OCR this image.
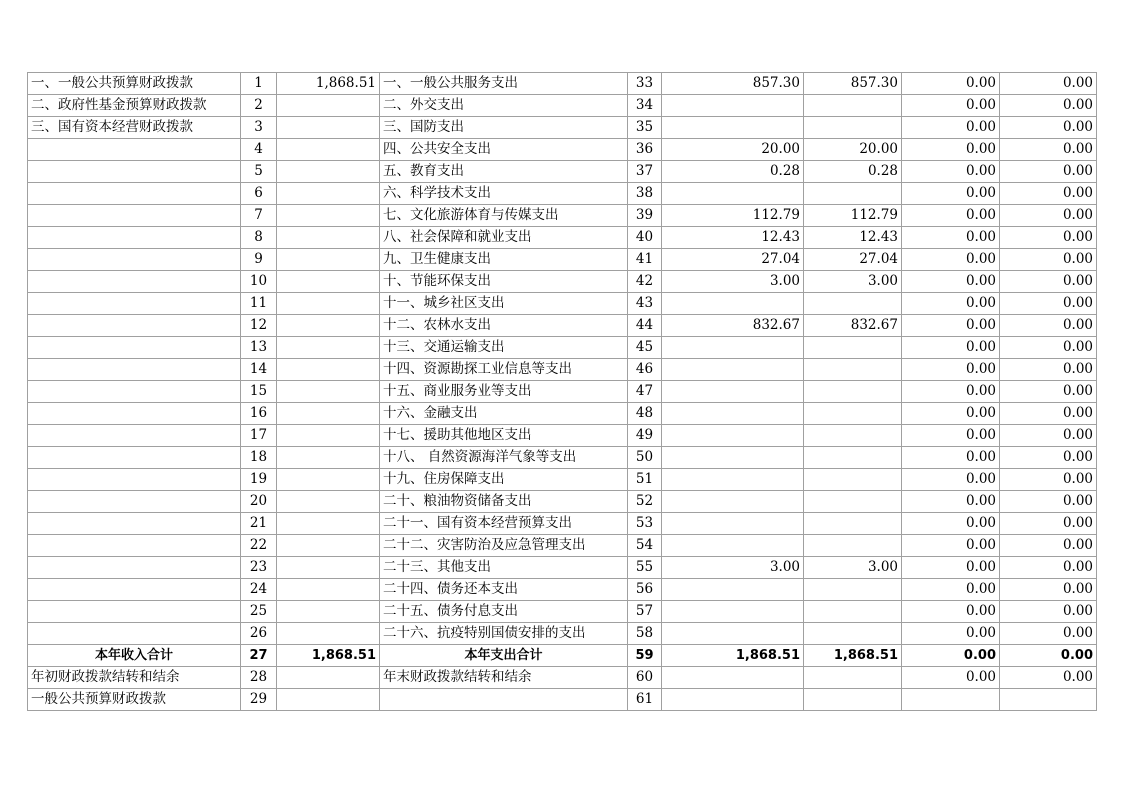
一、一般公共预算财政拨款	1	1,868.51	一、一般公共服务支出	33	857.30	857.30	0.00	0.00
二、政府性基金预算财政拨款	2		二、外交支出	34			0.00	0.00
三、国有资本经营财政拨款	3		三、国防支出	35			0.00	0.00
	4		四、公共安全支出	36	20.00	20.00	0.00	0.00
	5		五、教育支出	37	0.28	0.28	0.00	0.00
	6		六、科学技术支出	38			0.00	0.00
	7		七、文化旅游体育与传媒支出	39	112.79	112.79	0.00	0.00
	8		八、社会保障和就业支出	40	12.43	12.43	0.00	0.00
	9		九、卫生健康支出	41	27.04	27.04	0.00	0.00
	10		十、节能环保支出	42	3.00	3.00	0.00	0.00
	11		十一、城乡社区支出	43			0.00	0.00
	12		十二、农林水支出	44	832.67	832.67	0.00	0.00
	13		十三、交通运输支出	45			0.00	0.00
	14		十四、资源勘探工业信息等支出	46			0.00	0.00
	15		十五、商业服务业等支出	47			0.00	0.00
	16		十六、金融支出	48			0.00	0.00
	17		十七、援助其他地区支出	49			0.00	0.00
	18		十八、 自然资源海洋气象等支出	50			0.00	0.00
	19		十九、住房保障支出	51			0.00	0.00
	20		二十、粮油物资储备支出	52			0.00	0.00
	21		二十一、国有资本经营预算支出	53			0.00	0.00
	22		二十二、灾害防治及应急管理支出	54			0.00	0.00
	23		二十三、其他支出	55	3.00	3.00	0.00	0.00
	24		二十四、债务还本支出	56			0.00	0.00
	25		二十五、债务付息支出	57			0.00	0.00
	26		二十六、抗疫特别国债安排的支出	58			0.00	0.00
本年收入合计	27	1,868.51	本年支出合计	59	1,868.51	1,868.51	0.00	0.00
年初财政拨款结转和结余	28		年末财政拨款结转和结余	60			0.00	0.00
一般公共预算财政拨款	29			61				
